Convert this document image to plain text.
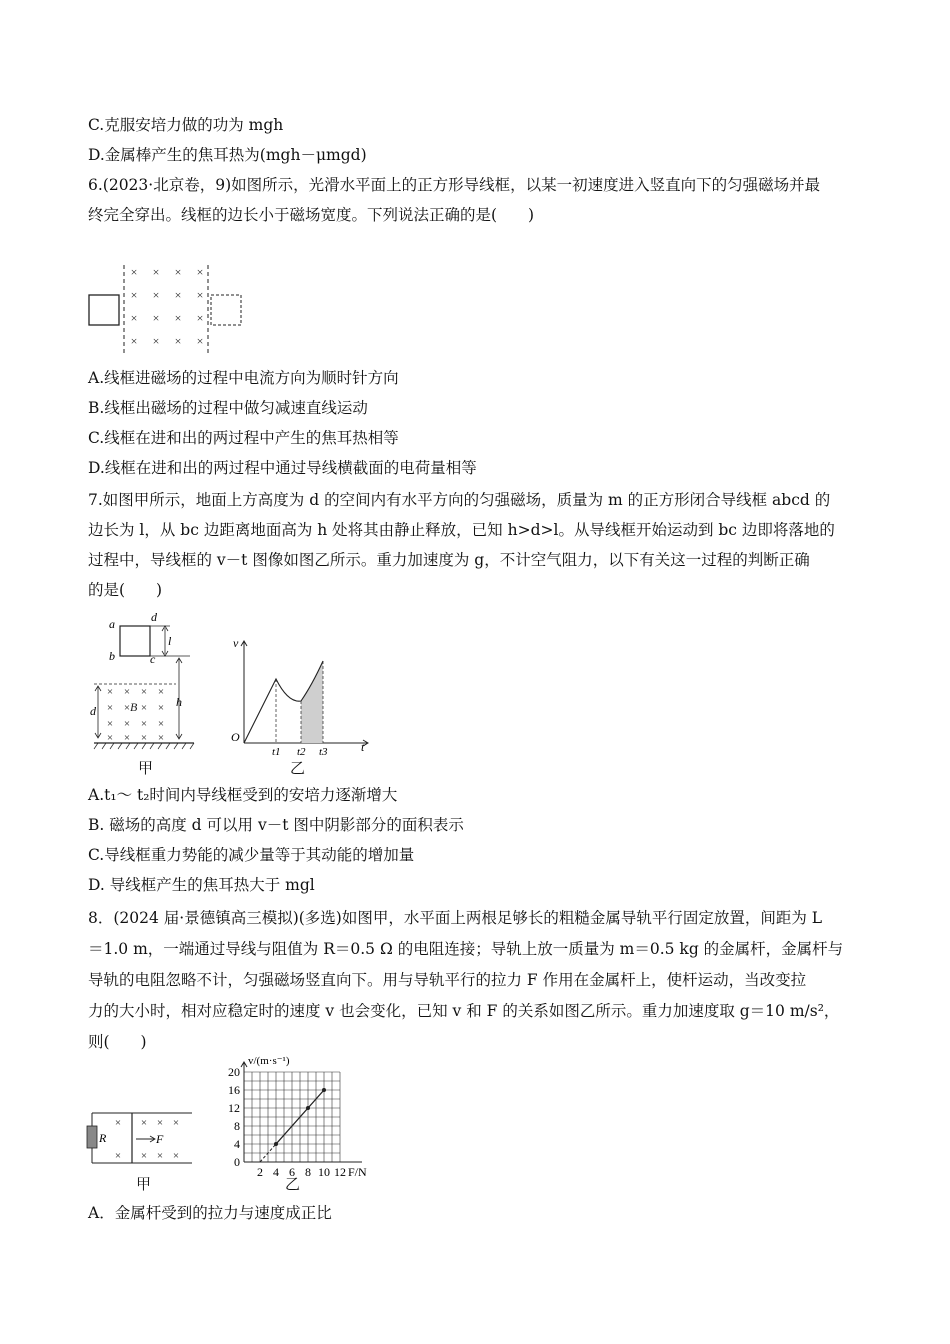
C.克服安培力做的功为 mgh
D.金属棒产生的焦耳热为(mgh－μmgd)
6.(2023·北京卷，9)如图所示，光滑水平面上的正方形导线框，以某一初速度进入竖直向下的匀强磁场并最
终完全穿出。线框的边长小于磁场宽度。下列说法正确的是(　　)
× × × ×
× × × ×
× × × ×
× × × ×
A.线框进磁场的过程中电流方向为顺时针方向
B.线框出磁场的过程中做匀减速直线运动
C.线框在进和出的两过程中产生的焦耳热相等
D.线框在进和出的两过程中通过导线横截面的电荷量相等
7.如图甲所示，地面上方高度为 d 的空间内有水平方向的匀强磁场，质量为 m 的正方形闭合导线框 abcd 的
边长为 l，从 bc 边距离地面高为 h 处将其由静止释放，已知 h>d>l。从导线框开始运动到 bc 边即将落地的
过程中，导线框的 v－t 图像如图乙所示。重力加速度为 g，不计空气阻力，以下有关这一过程的判断正确
的是(　　)
a
b	c
d
l
h
d
× × × ×
× × × ×
× × × ×
× × × ×
B
甲
v
O
t
t1 t2 t3
乙
A.t₁～ t₂时间内导线框受到的安培力逐渐增大
B. 磁场的高度 d 可以用 v－t 图中阴影部分的面积表示
C.导线框重力势能的减少量等于其动能的增加量
D. 导线框产生的焦耳热大于 mgl
8．(2024 届·景德镇高三模拟)(多选)如图甲，水平面上两根足够长的粗糙金属导轨平行固定放置，间距为 L
＝1.0 m，一端通过导线与阻值为 R＝0.5 Ω 的电阻连接；导轨上放一质量为 m＝0.5 kg 的金属杆，金属杆与
导轨的电阻忽略不计，匀强磁场竖直向下。用与导轨平行的拉力 F 作用在金属杆上，使杆运动，当改变拉
力的大小时，相对应稳定时的速度 v 也会变化，已知 v 和 F 的关系如图乙所示。重力加速度取 g＝10 m/s²，
则(　　)
R
× × × ×
× × × ×
F
甲
0
4
8
12
16
20
2 4 6 8 10 12 F/N
v/(m·s⁻¹)
乙
A．金属杆受到的拉力与速度成正比
